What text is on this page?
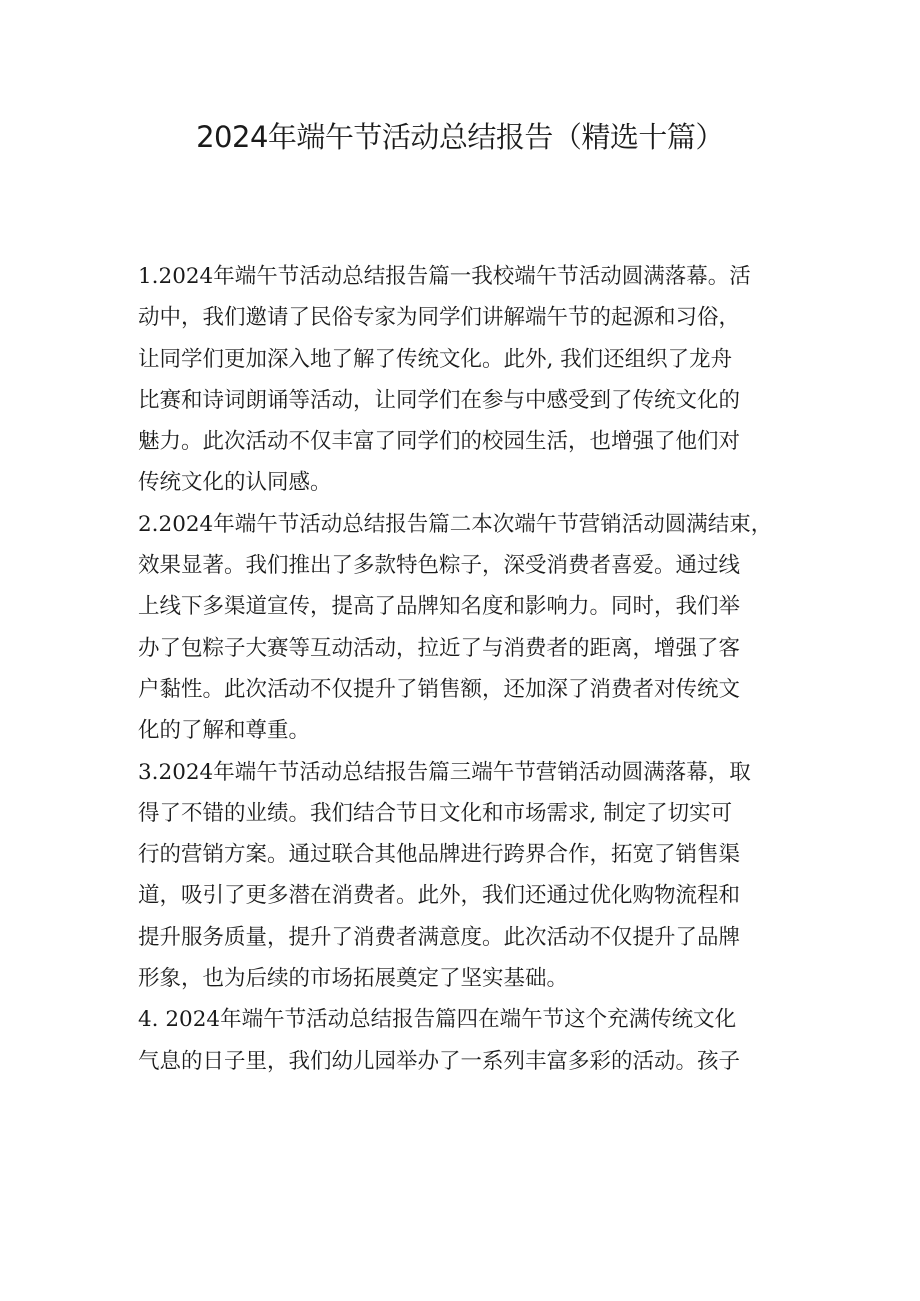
2024年端午节活动总结报告（精选十篇）
1.2024年端午节活动总结报告篇一我校端午节活动圆满落幕。活
动中，我们邀请了民俗专家为同学们讲解端午节的起源和习俗，
让同学们更加深入地了解了传统文化。此外, 我们还组织了龙舟
比赛和诗词朗诵等活动，让同学们在参与中感受到了传统文化的
魅力。此次活动不仅丰富了同学们的校园生活，也增强了他们对
传统文化的认同感。
2.2024年端午节活动总结报告篇二本次端午节营销活动圆满结束，
效果显著。我们推出了多款特色粽子，深受消费者喜爱。通过线
上线下多渠道宣传，提高了品牌知名度和影响力。同时，我们举
办了包粽子大赛等互动活动，拉近了与消费者的距离，增强了客
户黏性。此次活动不仅提升了销售额，还加深了消费者对传统文
化的了解和尊重。
3.2024年端午节活动总结报告篇三端午节营销活动圆满落幕，取
得了不错的业绩。我们结合节日文化和市场需求, 制定了切实可
行的营销方案。通过联合其他品牌进行跨界合作，拓宽了销售渠
道，吸引了更多潜在消费者。此外，我们还通过优化购物流程和
提升服务质量，提升了消费者满意度。此次活动不仅提升了品牌
形象，也为后续的市场拓展奠定了坚实基础。
4. 2024年端午节活动总结报告篇四在端午节这个充满传统文化
气息的日子里，我们幼儿园举办了一系列丰富多彩的活动。孩子
